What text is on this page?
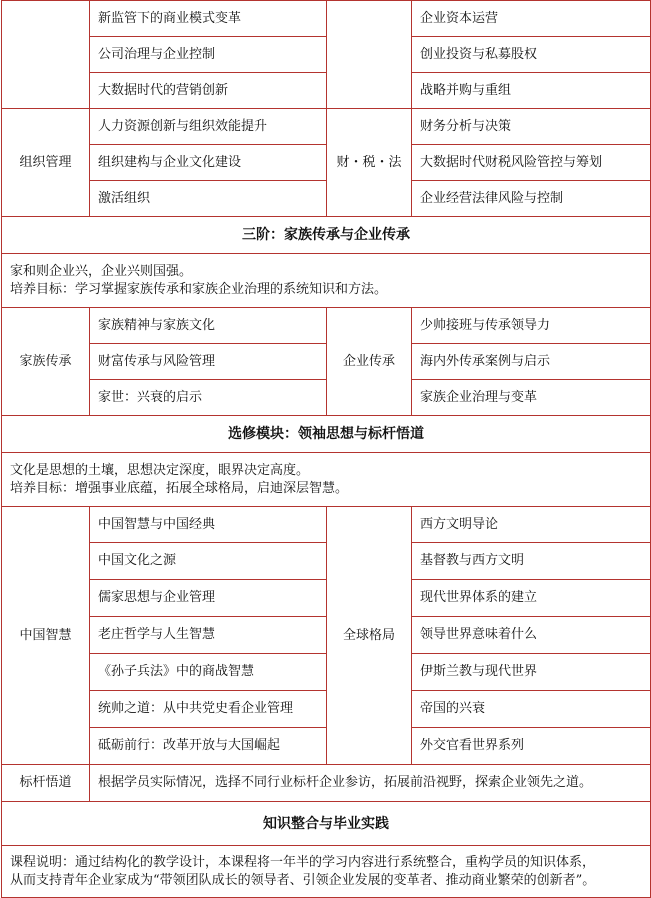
	新监管下的商业模式变革		企业资本运营
	公司治理与企业控制		创业投资与私募股权
	大数据时代的营销创新		战略并购与重组
组织管理	人力资源创新与组织效能提升	财・税・法	财务分析与决策
	组织建构与企业文化建设		大数据时代财税风险管控与筹划
	激活组织		企业经营法律风险与控制
三阶：家族传承与企业传承			

家和则企业兴，企业兴则国强。
培养目标：学习掌握家族传承和家族企业治理的系统知识和方法。			

家族传承	家族精神与家族文化	企业传承	少帅接班与传承领导力
	财富传承与风险管理		海内外传承案例与启示
	家世：兴衰的启示		家族企业治理与变革
选修模块：领袖思想与标杆悟道			

文化是思想的土壤，思想决定深度，眼界决定高度。
培养目标：增强事业底蕴，拓展全球格局，启迪深层智慧。			

中国智慧	中国智慧与中国经典	全球格局	西方文明导论
	中国文化之源		基督教与西方文明
	儒家思想与企业管理		现代世界体系的建立
	老庄哲学与人生智慧		领导世界意味着什么
	《孙子兵法》中的商战智慧		伊斯兰教与现代世界
	统帅之道：从中共党史看企业管理		帝国的兴衰
	砥砺前行：改革开放与大国崛起		外交官看世界系列
标杆悟道	根据学员实际情况，选择不同行业标杆企业参访，拓展前沿视野，探索企业领先之道。		
知识整合与毕业实践			

课程说明：通过结构化的教学设计，本课程将一年半的学习内容进行系统整合，重构学员的知识体系，
从而支持青年企业家成为“带领团队成长的领导者、引领企业发展的变革者、推动商业繁荣的创新者”。			
